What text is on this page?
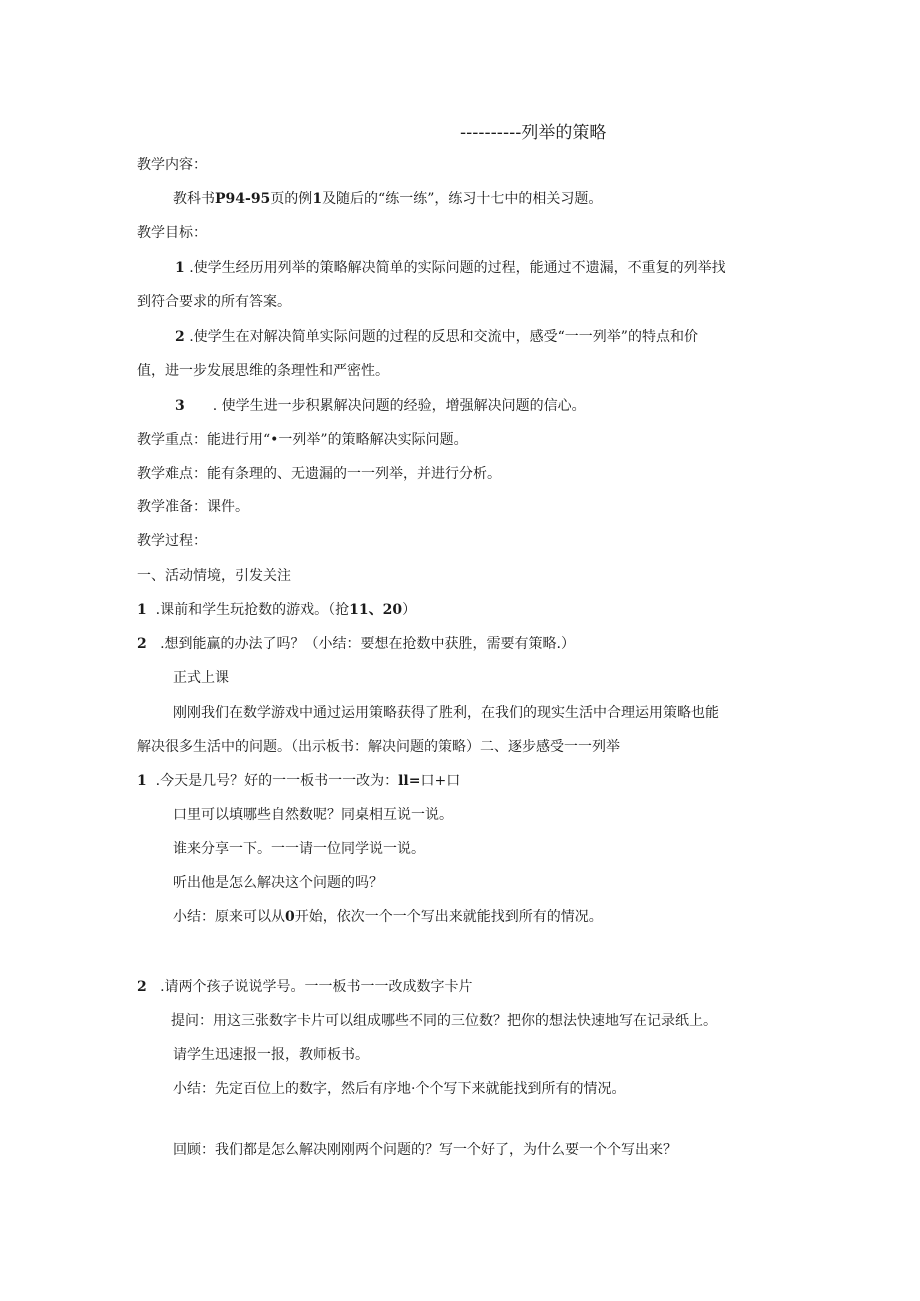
----------列举的策略
教学内容：
教科书P94-95页的例1及随后的“练一练”，练习十七中的相关习题。
教学目标：
1 .使学生经历用列举的策略解决简单的实际问题的过程，能通过不遗漏，不重复的列举找
到符合要求的所有答案。
2 .使学生在对解决简单实际问题的过程的反思和交流中，感受“一一列举”的特点和价
值，进一步发展思维的条理性和严密性。
3 . 使学生进一步积累解决问题的经验，增强解决问题的信心。
教学重点：能进行用“•一列举”的策略解决实际问题。
教学难点：能有条理的、无遗漏的一一列举，并进行分析。
教学准备：课件。
教学过程：
一、活动情境，引发关注
1 .课前和学生玩抢数的游戏。（抢11、20）
2 .想到能赢的办法了吗？（小结：要想在抢数中获胜，需要有策略.）
正式上课
刚刚我们在数学游戏中通过运用策略获得了胜利，在我们的现实生活中合理运用策略也能
解决很多生活中的问题。（出示板书：解决问题的策略）二、逐步感受一一列举
1 .今天是几号？好的一一板书一一改为：ll=口+口
口里可以填哪些自然数呢？同桌相互说一说。
谁来分享一下。一一请一位同学说一说。
听出他是怎么解决这个问题的吗？
小结：原来可以从0开始，依次一个一个写出来就能找到所有的情况。
2 .请两个孩子说说学号。一一板书一一改成数字卡片
提问：用这三张数字卡片可以组成哪些不同的三位数？把你的想法快速地写在记录纸上。
请学生迅速报一报，教师板书。
小结：先定百位上的数字，然后有序地·个个写下来就能找到所有的情况。
回顾：我们都是怎么解决刚刚两个问题的？写一个好了，为什么要一个个写出来？
